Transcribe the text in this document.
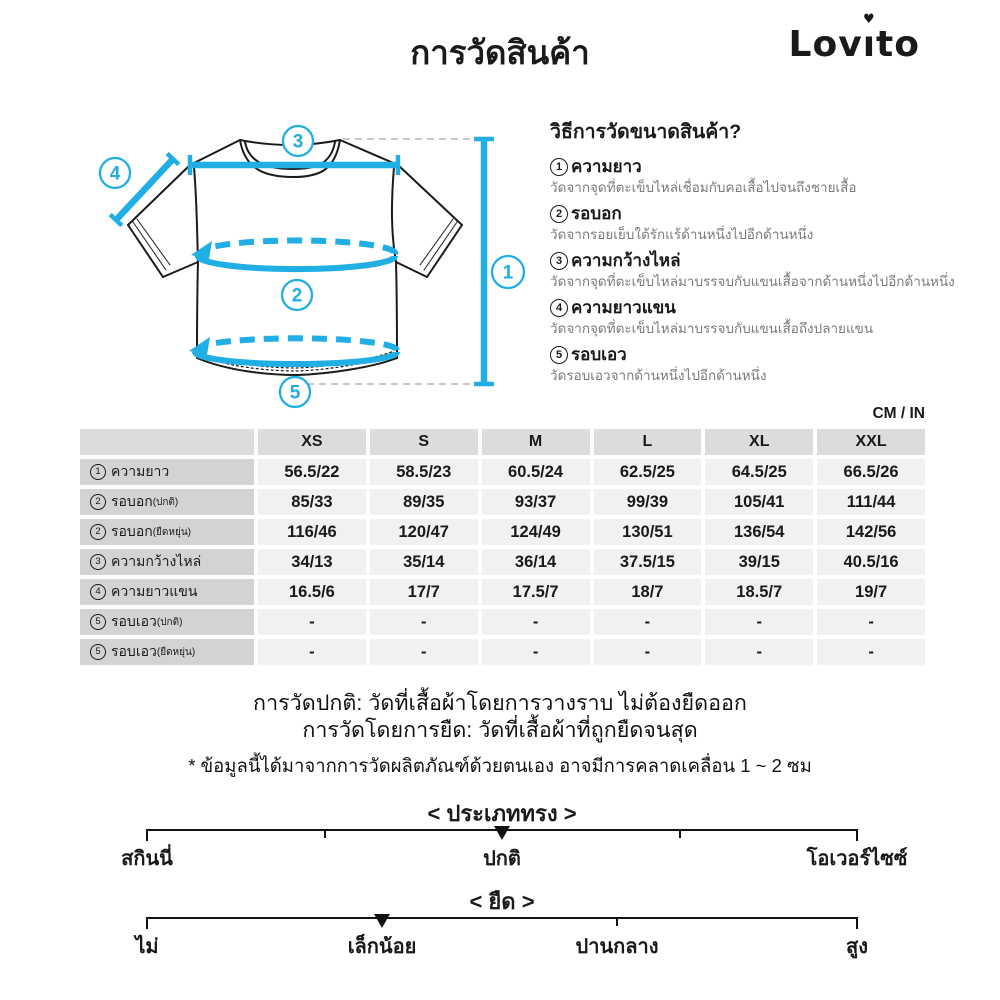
การวัดสินค้า	Lovı
♥
to
3
4
2
5
1
วิธีการวัดขนาดสินค้า?
1 ความยาว
วัดจากจุดที่ตะเข็บไหล่เชื่อมกับคอเสื้อไปจนถึงชายเสื้อ
2 รอบอก
วัดจากรอยเย็บใต้รักแร้ด้านหนึ่งไปอีกด้านหนึ่ง
3 ความกว้างไหล่
วัดจากจุดที่ตะเข็บไหล่มาบรรจบกับแขนเสื้อจากด้านหนึ่งไปอีกด้านหนึ่ง
4 ความยาวแขน
วัดจากจุดที่ตะเข็บไหล่มาบรรจบกับแขนเสื้อถึงปลายแขน
5 รอบเอว
วัดรอบเอวจากด้านหนึ่งไปอีกด้านหนึ่ง
CM / IN
XS	S	M	L	XL	XXL
1 ความยาว	56.5/22	58.5/23	60.5/24	62.5/25	64.5/25	66.5/26
2 รอบอก (ปกติ)	85/33	89/35	93/37	99/39	105/41	111/44
2 รอบอก (ยืดหยุ่น)	116/46	120/47	124/49	130/51	136/54	142/56
3 ความกว้างไหล่	34/13	35/14	36/14	37.5/15	39/15	40.5/16
4 ความยาวแขน	16.5/6	17/7	17.5/7	18/7	18.5/7	19/7
5 รอบเอว (ปกติ)	-	-	-	-	-	-
5 รอบเอว (ยืดหยุ่น)	-	-	-	-	-	-
การวัดปกติ: วัดที่เสื้อผ้าโดยการวางราบ ไม่ต้องยืดออก
การวัดโดยการยืด: วัดที่เสื้อผ้าที่ถูกยืดจนสุด
* ข้อมูลนี้ได้มาจากการวัดผลิตภัณฑ์ด้วยตนเอง อาจมีการคลาดเคลื่อน 1 ~ 2 ซม
< ประเภททรง >
สกินนี่	ปกติ	โอเวอร์ไซซ์
< ยืด >
ไม่	เล็กน้อย	ปานกลาง	สูง
